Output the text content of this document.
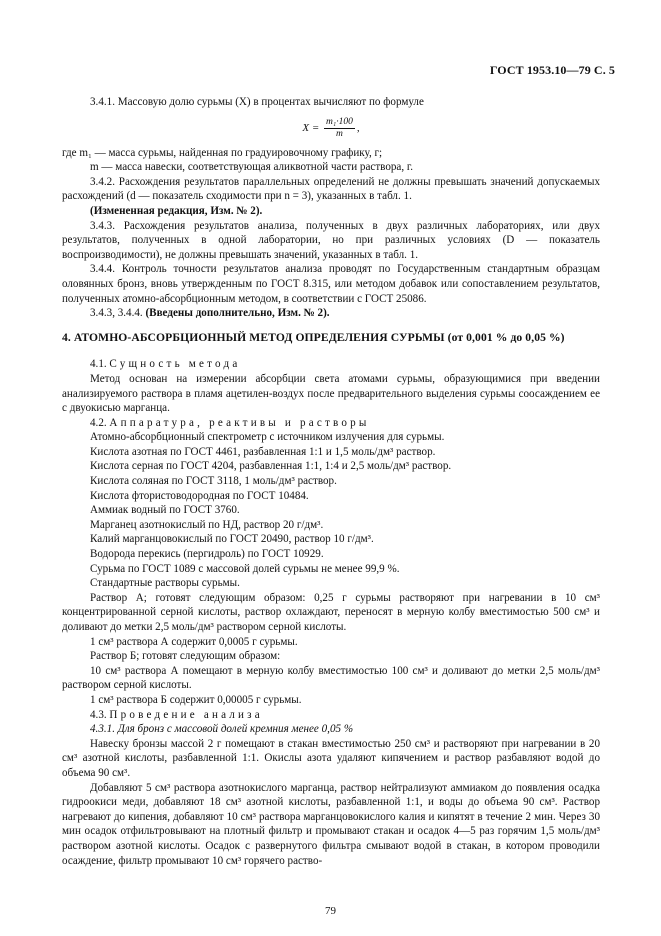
ГОСТ 1953.10—79 С. 5

3.4.1. Массовую долю сурьмы (X) в процентах вычисляют по формуле

$X = \frac{\text{m₁·100}}{m}$ ,

где m₁ — масса сурьмы, найденная по градуировочному графику, г;

m — масса навески, соответствующая аликвотной части раствора, г.

3.4.2. Расхождения результатов параллельных определений не должны превышать значений допускаемых расхождений (d — показатель сходимости при n = 3), указанных в табл. 1.

(Измененная редакция, Изм. № 2).

3.4.3. Расхождения результатов анализа, полученных в двух различных лабораториях, или двух результатов, полученных в одной лаборатории, но при различных условиях (D — показатель воспроизводимости), не должны превышать значений, указанных в табл. 1.

3.4.4. Контроль точности результатов анализа проводят по Государственным стандартным образцам оловянных бронз, вновь утвержденным по ГОСТ 8.315, или методом добавок или сопоставлением результатов, полученных атомно-абсорбционным методом, в соответствии с ГОСТ 25086.

3.4.3, 3.4.4. (Введены дополнительно, Изм. № 2).

4. АТОМНО-АБСОРБЦИОННЫЙ МЕТОД ОПРЕДЕЛЕНИЯ СУРЬМЫ (от 0,001 % до 0,05 %)

4.1. Сущность метода

Метод основан на измерении абсорбции света атомами сурьмы, образующимися при введении анализируемого раствора в пламя ацетилен-воздух после предварительного выделения сурьмы соосаждением ее с двуокисью марганца.

4.2. Аппаратура, реактивы и растворы

Атомно-абсорбционный спектрометр с источником излучения для сурьмы.

Кислота азотная по ГОСТ 4461, разбавленная 1:1 и 1,5 моль/дм³ раствор.

Кислота серная по ГОСТ 4204, разбавленная 1:1, 1:4 и 2,5 моль/дм³ раствор.

Кислота соляная по ГОСТ 3118, 1 моль/дм³ раствор.

Кислота фтористоводородная по ГОСТ 10484.

Аммиак водный по ГОСТ 3760.

Марганец азотнокислый по НД, раствор 20 г/дм³.

Калий марганцовокислый по ГОСТ 20490, раствор 10 г/дм³.

Водорода перекись (пергидроль) по ГОСТ 10929.

Сурьма по ГОСТ 1089 с массовой долей сурьмы не менее 99,9 %.

Стандартные растворы сурьмы.

Раствор А; готовят следующим образом: 0,25 г сурьмы растворяют при нагревании в 10 см³ концентрированной серной кислоты, раствор охлаждают, переносят в мерную колбу вместимостью 500 см³ и доливают до метки 2,5 моль/дм³ раствором серной кислоты.

1 см³ раствора А содержит 0,0005 г сурьмы.

Раствор Б; готовят следующим образом:

10 см³ раствора А помещают в мерную колбу вместимостью 100 см³ и доливают до метки 2,5 моль/дм³ раствором серной кислоты.

1 см³ раствора Б содержит 0,00005 г сурьмы.

4.3. Проведение анализа

4.3.1. Для бронз с массовой долей кремния менее 0,05 %

Навеску бронзы массой 2 г помещают в стакан вместимостью 250 см³ и растворяют при нагревании в 20 см³ азотной кислоты, разбавленной 1:1. Окислы азота удаляют кипячением и раствор разбавляют водой до объема 90 см³.

Добавляют 5 см³ раствора азотнокислого марганца, раствор нейтрализуют аммиаком до появления осадка гидроокиси меди, добавляют 18 см³ азотной кислоты, разбавленной 1:1, и воды до объема 90 см³. Раствор нагревают до кипения, добавляют 10 см³ раствора марганцовокислого калия и кипятят в течение 2 мин. Через 30 мин осадок отфильтровывают на плотный фильтр и промывают стакан и осадок 4—5 раз горячим 1,5 моль/дм³ раствором азотной кислоты. Осадок с развернутого фильтра смывают водой в стакан, в котором проводили осаждение, фильтр промывают 10 см³ горячего раство-

79
